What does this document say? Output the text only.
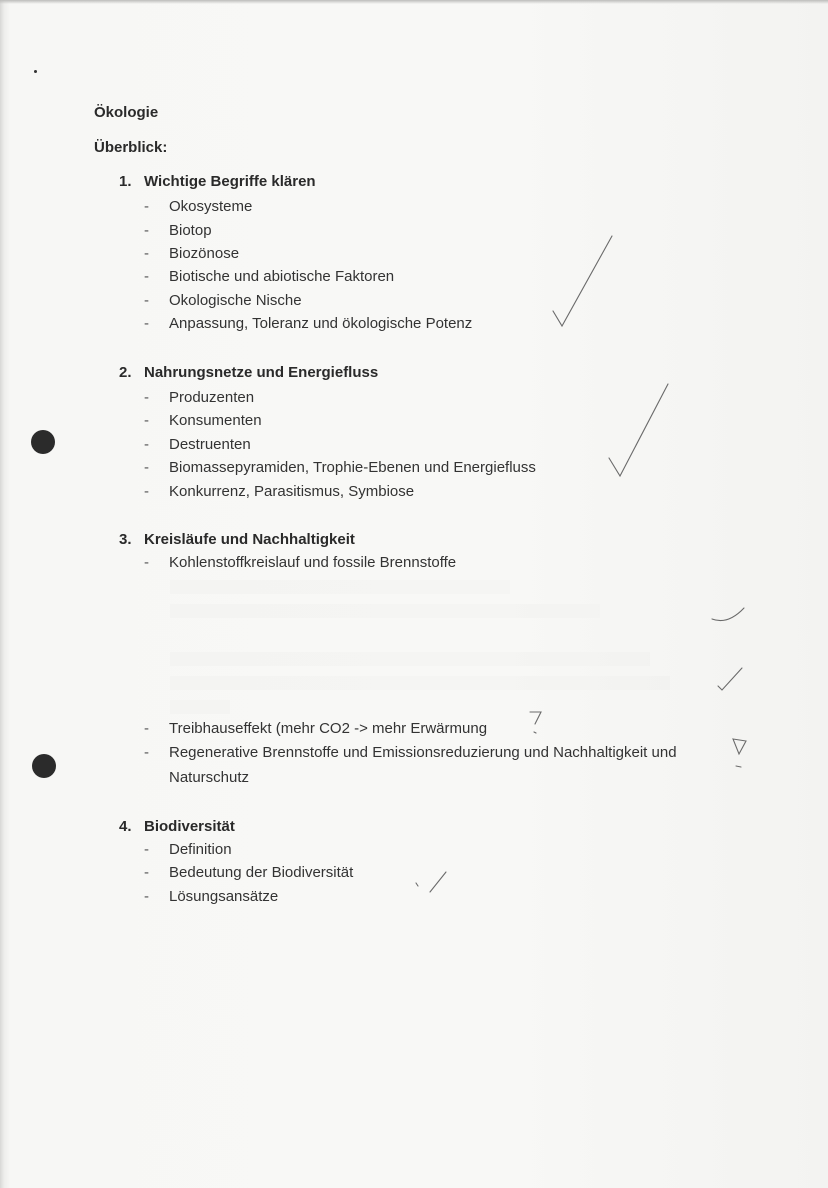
Ökologie
Überblick:
1. Wichtige Begriffe klären
- Okosysteme
- Biotop
- Biozönose
- Biotische und abiotische Faktoren
- Okologische Nische
- Anpassung, Toleranz und ökologische Potenz
2. Nahrungsnetze und Energiefluss
- Produzenten
- Konsumenten
- Destruenten
- Biomassepyramiden, Trophie-Ebenen und Energiefluss
- Konkurrenz, Parasitismus, Symbiose
3. Kreisläufe und Nachhaltigkeit
- Kohlenstoffkreislauf und fossile Brennstoffe
- Treibhauseffekt (mehr CO2 -> mehr Erwärmung
- Regenerative Brennstoffe und Emissionsreduzierung und Nachhaltigkeit und
Naturschutz
4. Biodiversität
- Definition
- Bedeutung der Biodiversität
- Lösungsansätze
